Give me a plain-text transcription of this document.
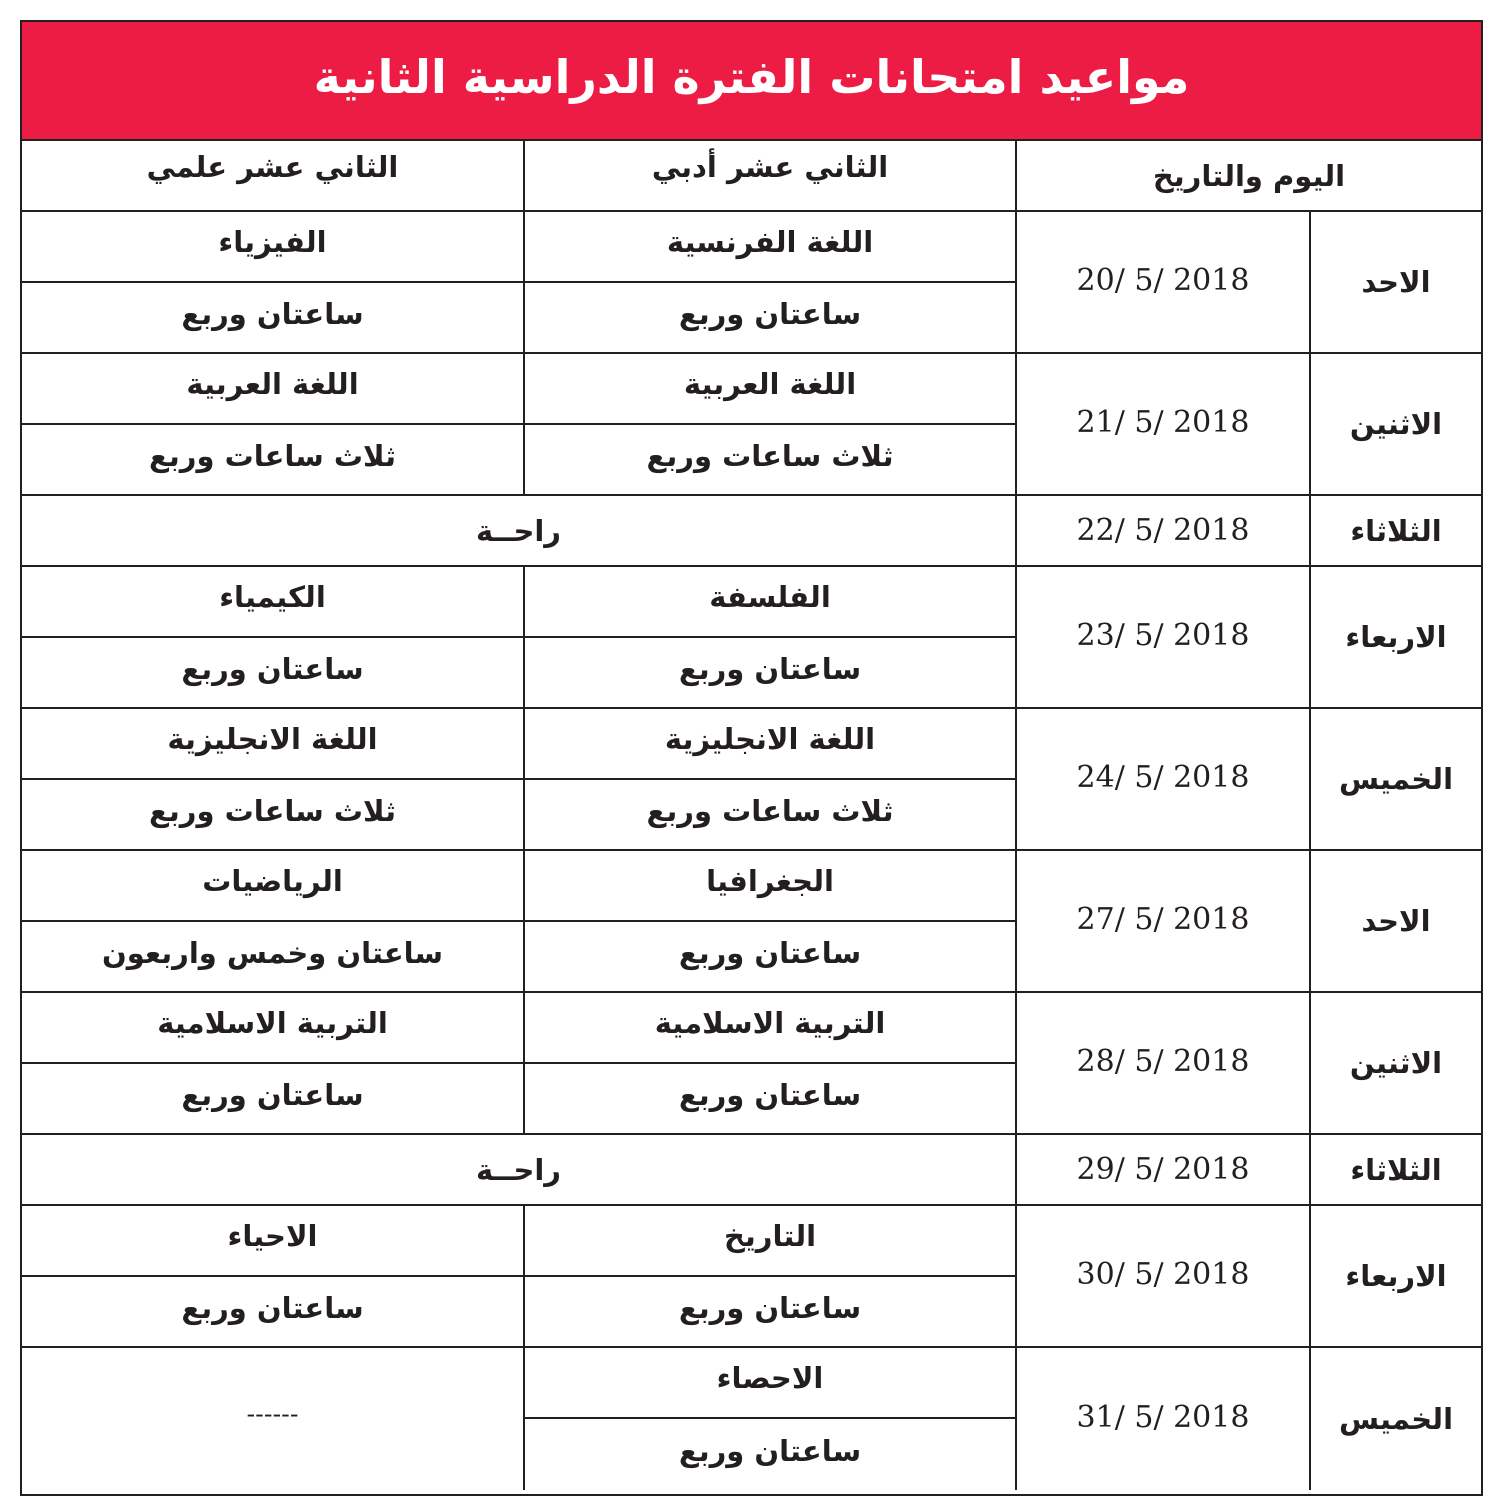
مواعيد امتحانات الفترة الدراسية الثانية
الثاني عشر علمي	الثاني عشر أدبي	اليوم والتاريخ
الاحد
20/ 5/ 2018
اللغة الفرنسية
ساعتان وربع
الفيزياء
ساعتان وربع
الاثنين
21/ 5/ 2018
اللغة العربية
ثلاث ساعات وربع
اللغة العربية
ثلاث ساعات وربع
الثلاثاء
22/ 5/ 2018
راحــة
الاربعاء
23/ 5/ 2018
الفلسفة
ساعتان وربع
الكيمياء
ساعتان وربع
الخميس
24/ 5/ 2018
اللغة الانجليزية
ثلاث ساعات وربع
اللغة الانجليزية
ثلاث ساعات وربع
الاحد
27/ 5/ 2018
الجغرافيا
ساعتان وربع
الرياضيات
ساعتان وخمس واربعون
الاثنين
28/ 5/ 2018
التربية الاسلامية
ساعتان وربع
التربية الاسلامية
ساعتان وربع
الثلاثاء
29/ 5/ 2018
راحــة
الاربعاء
30/ 5/ 2018
التاريخ
ساعتان وربع
الاحياء
ساعتان وربع
الخميس
31/ 5/ 2018
الاحصاء
ساعتان وربع
------
